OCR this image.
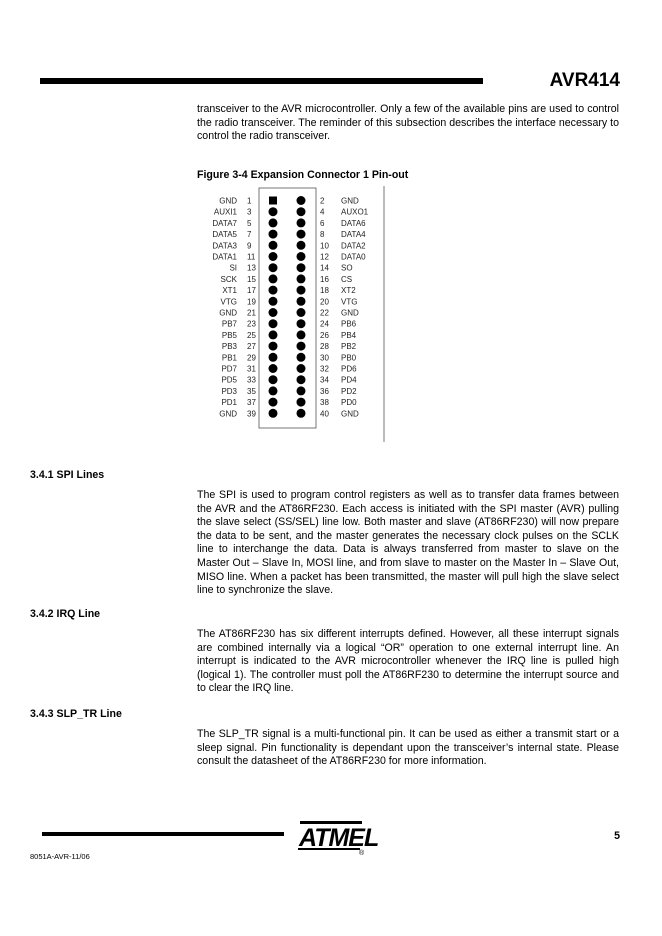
AVR414

transceiver to the AVR microcontroller. Only a few of the available pins are used to control the radio transceiver. The reminder of this subsection describes the interface necessary to control the radio transceiver.

Figure 3-4 Expansion Connector 1 Pin-out
GND 1	2 GND
AUXI1 3	4 AUXO1
DATA7 5	6 DATA6
DATA5 7	8 DATA4
DATA3 9	10 DATA2
DATA1 11	12 DATA0
SI 13	14 SO
SCK 15	16 CS
XT1 17	18 XT2
VTG 19	20 VTG
GND 21	22 GND
PB7 23	24 PB6
PB5 25	26 PB4
PB3 27	28 PB2
PB1 29	30 PB0
PD7 31	32 PD6
PD5 33	34 PD4
PD3 35	36 PD2
PD1 37	38 PD0
GND 39	40 GND
3.4.1 SPI Lines

The SPI is used to program control registers as well as to transfer data frames between the AVR and the AT86RF230. Each access is initiated with the SPI master (AVR) pulling the slave select (SS/SEL) line low. Both master and slave (AT86RF230) will now prepare the data to be sent, and the master generates the necessary clock pulses on the SCLK line to interchange the data. Data is always transferred from master to slave on the Master Out – Slave In, MOSI line, and from slave to master on the Master In – Slave Out, MISO line. When a packet has been transmitted, the master will pull high the slave select line to synchronize the slave.

3.4.2 IRQ Line

The AT86RF230 has six different interrupts defined. However, all these interrupt signals are combined internally via a logical “OR” operation to one external interrupt line. An interrupt is indicated to the AVR microcontroller whenever the IRQ line is pulled high (logical 1). The controller must poll the AT86RF230 to determine the interrupt source and to clear the IRQ line.

3.4.3 SLP_TR Line

The SLP_TR signal is a multi-functional pin. It can be used as either a transmit start or a sleep signal. Pin functionality is dependant upon the transceiver’s internal state. Please consult the datasheet of the AT86RF230 for more information.

ATMEL
®
5
8051A-AVR-11/06
